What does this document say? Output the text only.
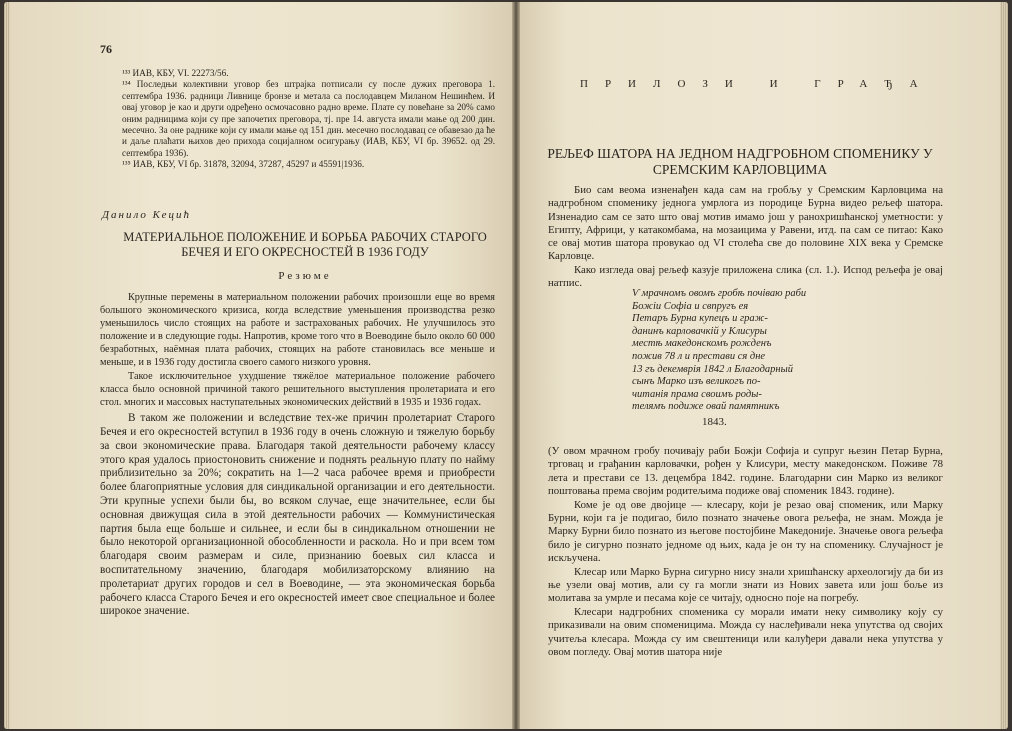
76

¹³³ ИАВ, КБУ, VI. 22273/56.

¹³⁴ Последњи колективни уговор без штрајка потписали су после дужих преговора 1. септембра 1936. радници Ливнице бронзе и метала са послодавцем Миланом Нешинћем. И овај уговор је као и други одређено осмочасовно радно време. Плате су повећане за 20% само оним радницима који су пре започетих преговора, тј. пре 14. августа имали мање од 200 дин. месечно. За оне раднике који су имали мање од 151 дин. месечно послодавац се обавезао да ће и даље плаћати њихов део прихода социјалном осигурању (ИАВ, КБУ, VI бр. 39652. од 29. септембра 1936).

¹³⁵ ИАВ, КБУ, VI бр. 31878, 32094, 37287, 45297 и 45591|1936.

Данило Кецић
МАТЕРИАЛЬНОЕ ПОЛОЖЕНИЕ И БОРЬБА РАБОЧИХ СТАРОГО БЕЧЕЯ И ЕГО ОКРЕСНОСТЕЙ В 1936 ГОДУ
Резюме

Крупные перемены в материальном положении рабочих произошли еще во время большого экономического кризиса, когда вследствие уменьшения производства резко уменьшилось число стоящих на работе и застрахованых рабочих. Не улучшилось это положение и в следующие годы. Напротив, кроме того что в Воеводине было около 60 000 безработных, наёмная плата рабочих, стоящих на работе становилась все меньше и меньше, и в 1936 году достигла своего самого низкого уровня.

Такое исключительное ухудшение тяжёлое материальное положение рабочего класса было основной причиной такого решительного выступления пролетариата и его стол. многих и массовых наступательных экономических действий в 1935 и 1936 годах.

В таком же положении и вследствие тех-же причин пролетариат Старого Бечея и его окресностей вступил в 1936 году в очень сложную и тяжелую борьбу за свои экономические права. Благодаря такой деятельности рабочему классу этого края удалось приостоновить снижение и поднять реальную плату по найму приблизительно за 20%; сократить на 1—2 часа рабочее время и приобрести более благоприятные условия для синдикальной организации и его деятельности. Эти крупные успехи были бы, во всяком случае, еще значительнее, если бы основная движущая сила в этой деятельности рабочих — Коммунистическая партия была еще больше и сильнее, и если бы в синдикальном отношении не было некоторой организационной обособленности и раскола. Но и при всем том благодаря своим размерам и силе, признанию боевых сил класса и воспитательному значению, благодаря мобилизаторскому влиянию на пролетариат других городов и сел в Воеводине, — эта экономическая борьба рабочего класса Старого Бечея и его окресностей имеет свое специальное и более широкое значение.

ПРИЛОЗИ И ГРАЂА
РЕЉЕФ ШАТОРА НА ЈЕДНОМ НАДГРОБНОМ СПОМЕНИКУ У СРЕМСКИМ КАРЛОВЦИМА

Био сам веома изненађен када сам на гробљу у Сремским Карловцима на надгробном споменику једнога умрлога из породице Бурна видео рељеф шатора. Изненадио сам се зато што овај мотив имамо још у ранохришћанској уметности: у Египту, Африци, у катакомбама, на мозаицима у Равени, итд. па сам се питао: Како се овај мотив шатора провукао од VI столећа све до половине XIX века у Сремске Карловце.

Како изгледа овај рељеф казује приложена слика (сл. 1.). Испод рељефа је овај натпис.

Ѵ мрачномъ овомъ гробѣ почіваю раби
Божіи Софіа и свпругъ ея
Петаръ Бурна купецъ и граж-
данинъ карловачкій у Клисуры
местѣ македонскомъ рожденъ
пожив 78 л и престави ся дне
13 гъ декемврія 1842 л Благодарный
сынъ Марко изъ великогъ по-
читанія прама своимъ роды-
телямъ подиже овай памятникъ
1843.

(У овом мрачном гробу почивају раби Божји Софија и супруг њезин Петар Бурна, трговац и грађанин карловачки, рођен у Клисури, месту македонском. Поживе 78 лета и престави се 13. децембра 1842. године. Благодарни син Марко из великог поштовања према својим родитељима подиже овај споменик 1843. године).

Коме је од ове двојице — клесару, који је резао овај споменик, или Марку Бурни, који га је подигао, било познато значење овога рељефа, не знам. Можда је Марку Бурни било познато из његове постојбине Македоније. Значење овога рељефа било је сигурно познато једноме од њих, када је он ту на споменику. Случајност је искључена.

Клесар или Марко Бурна сигурно нису знали хришћанску археологију да би из ње узели овај мотив, али су га могли знати из Нових завета или још боље из молитава за умрле и песама које се читају, односно поје на погребу.

Клесари надгробних споменика су морали имати неку символику коју су приказивали на овим споменицима. Можда су наслеђивали нека упутства од својих учитеља клесара. Можда су им свештеници или калуђери давали нека упутства у овом погледу. Овај мотив шатора није
